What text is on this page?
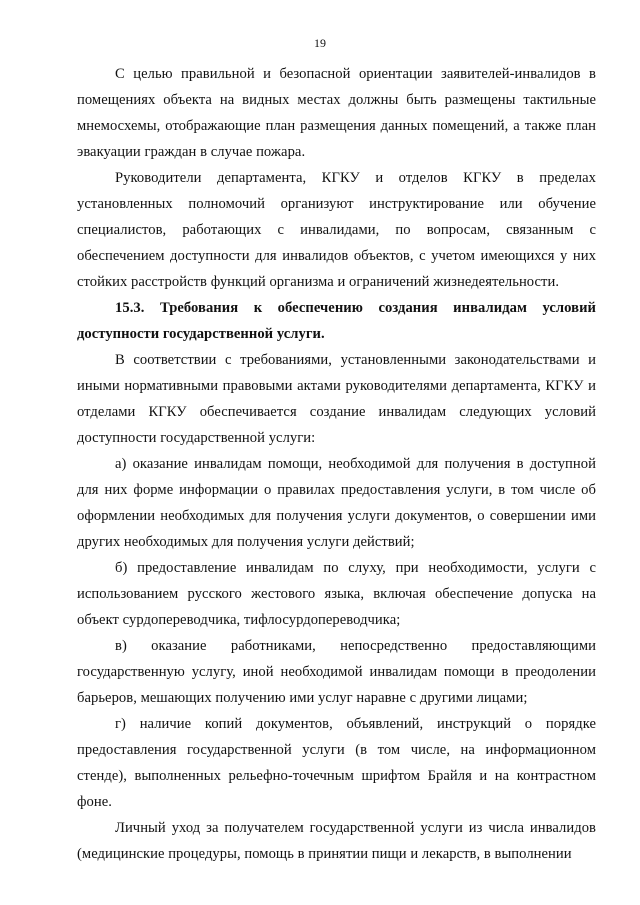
19

С целью правильной и безопасной ориентации заявителей-инвалидов в помещениях объекта на видных местах должны быть размещены тактильные мнемосхемы, отображающие план размещения данных помещений, а также план эвакуации граждан в случае пожара.

Руководители департамента, КГКУ и отделов КГКУ в пределах установленных полномочий организуют инструктирование или обучение специалистов, работающих с инвалидами, по вопросам, связанным с обеспечением доступности для инвалидов объектов, с учетом имеющихся у них стойких расстройств функций организма и ограничений жизнедеятельности.

15.3. Требования к обеспечению создания инвалидам условий доступности государственной услуги.

В соответствии с требованиями, установленными законодательствами и иными нормативными правовыми актами руководителями департамента, КГКУ и отделами КГКУ обеспечивается создание инвалидам следующих условий доступности государственной услуги:

а) оказание инвалидам помощи, необходимой для получения в доступной для них форме информации о правилах предоставления услуги, в том числе об оформлении необходимых для получения услуги документов, о совершении ими других необходимых для получения услуги действий;

б) предоставление инвалидам по слуху, при необходимости, услуги с использованием русского жестового языка, включая обеспечение допуска на объект сурдопереводчика, тифлосурдопереводчика;

в) оказание работниками, непосредственно предоставляющими государственную услугу, иной необходимой инвалидам помощи в преодолении барьеров, мешающих получению ими услуг наравне с другими лицами;

г) наличие копий документов, объявлений, инструкций о порядке предоставления государственной услуги (в том числе, на информационном стенде), выполненных рельефно-точечным шрифтом Брайля и на контрастном фоне.

Личный уход за получателем государственной услуги из числа инвалидов (медицинские процедуры, помощь в принятии пищи и лекарств, в выполнении
